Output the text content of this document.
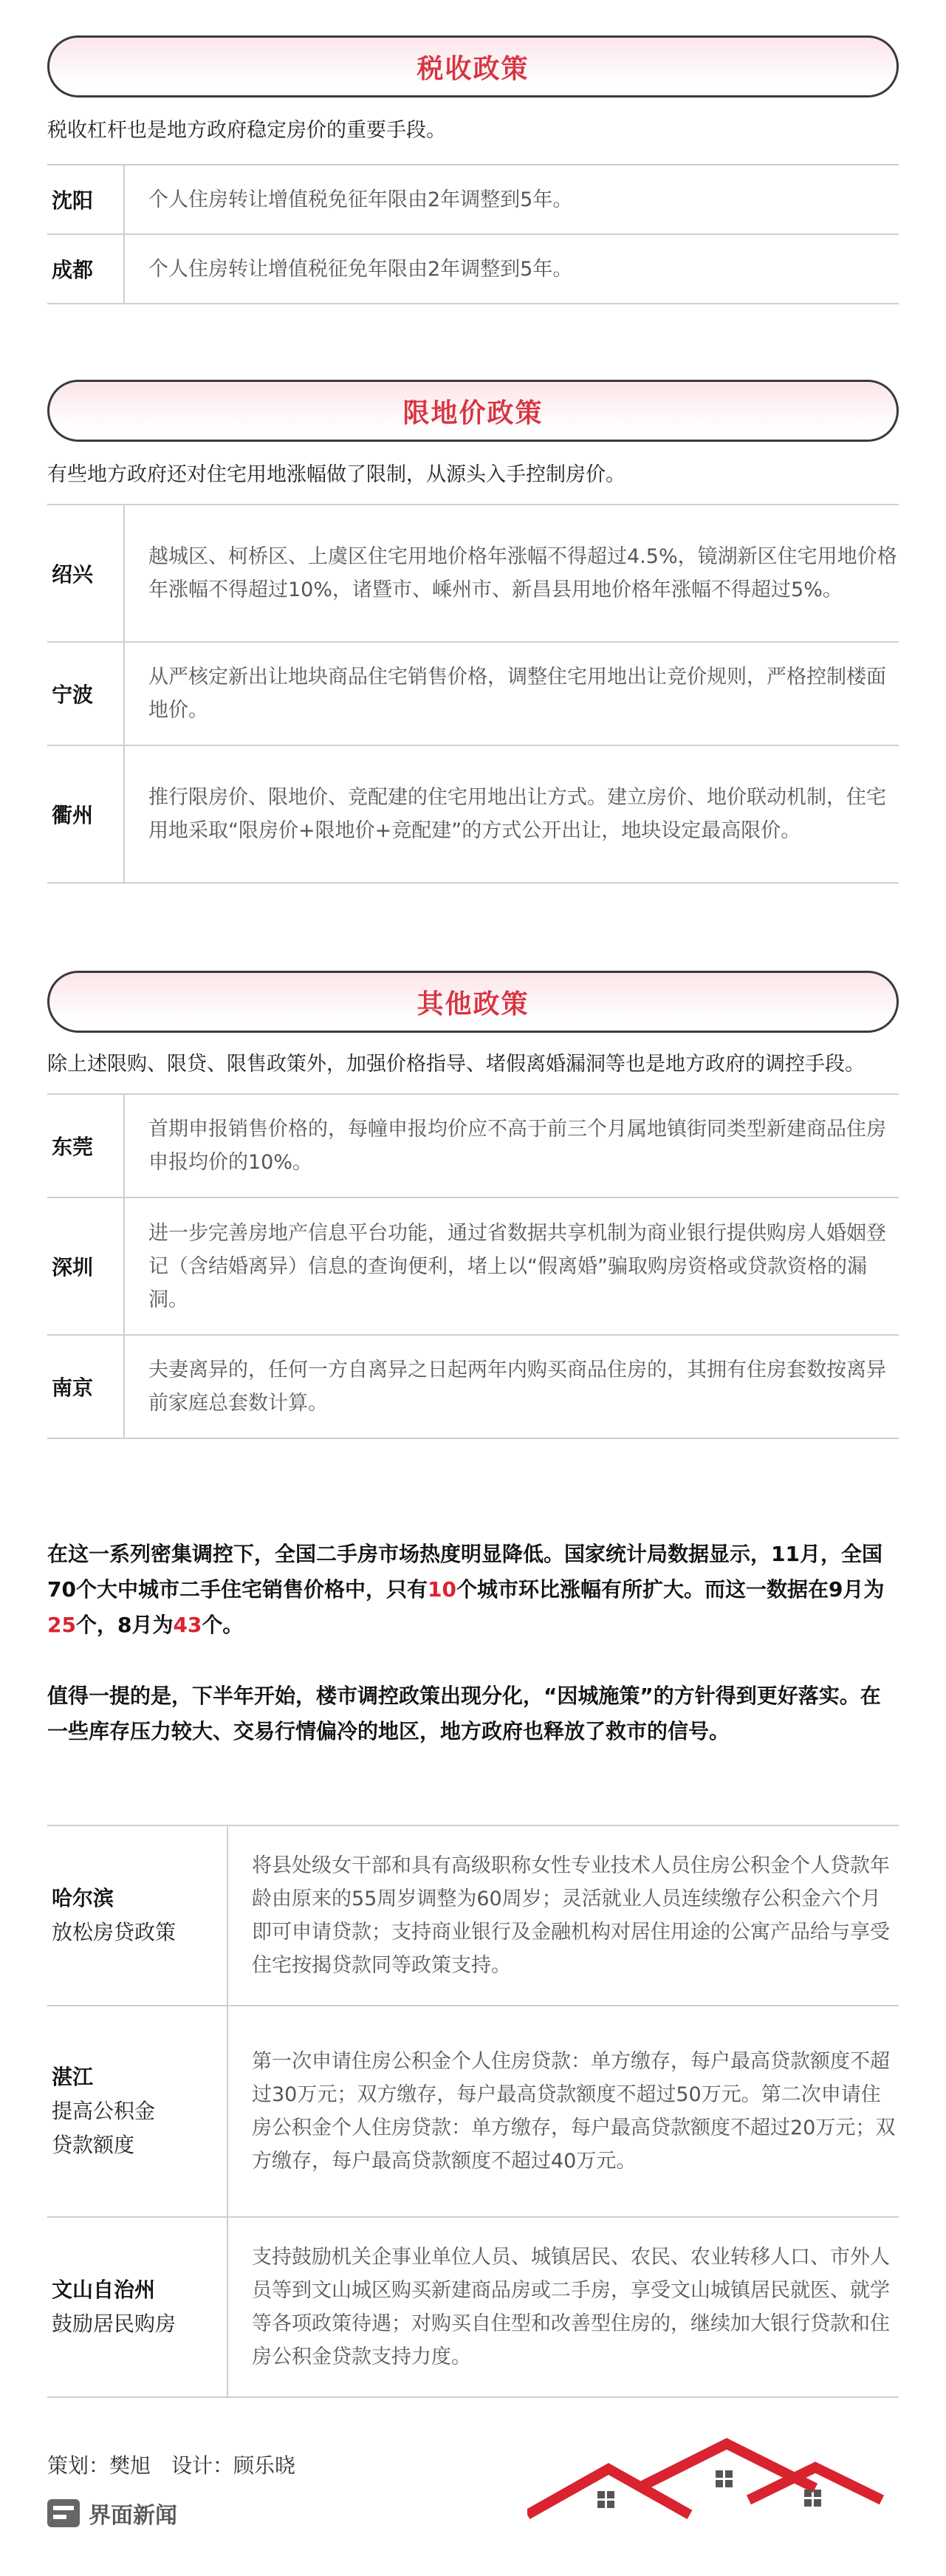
税收政策
税收杠杆也是地方政府稳定房价的重要手段。
沈阳	个人住房转让增值税免征年限由2年调整到5年。
成都	个人住房转让增值税征免年限由2年调整到5年。
限地价政策
有些地方政府还对住宅用地涨幅做了限制，从源头入手控制房价。
绍兴	越城区、柯桥区、上虞区住宅用地价格年涨幅不得超过4.5%，镜湖新区住宅用地价格年涨幅不得超过10%，诸暨市、嵊州市、新昌县用地价格年涨幅不得超过5%。
宁波	从严核定新出让地块商品住宅销售价格，调整住宅用地出让竞价规则，严格控制楼面地价。
衢州	推行限房价、限地价、竞配建的住宅用地出让方式。建立房价、地价联动机制，住宅用地采取“限房价+限地价+竞配建”的方式公开出让，地块设定最高限价。
其他政策
除上述限购、限贷、限售政策外，加强价格指导、堵假离婚漏洞等也是地方政府的调控手段。
东莞	首期申报销售价格的，每幢申报均价应不高于前三个月属地镇街同类型新建商品住房申报均价的10%。
深圳	进一步完善房地产信息平台功能，通过省数据共享机制为商业银行提供购房人婚姻登记（含结婚离异）信息的查询便利，堵上以“假离婚”骗取购房资格或贷款资格的漏洞。
南京	夫妻离异的，任何一方自离异之日起两年内购买商品住房的，其拥有住房套数按离异前家庭总套数计算。
在这一系列密集调控下，全国二手房市场热度明显降低。国家统计局数据显示，11月，全国70个大中城市二手住宅销售价格中，只有10个城市环比涨幅有所扩大。而这一数据在9月为25个，8月为43个。
值得一提的是，下半年开始，楼市调控政策出现分化，“因城施策”的方针得到更好落实。在一些库存压力较大、交易行情偏冷的地区，地方政府也释放了救市的信号。
哈尔滨
放松房贷政策	将县处级女干部和具有高级职称女性专业技术人员住房公积金个人贷款年龄由原来的55周岁调整为60周岁；灵活就业人员连续缴存公积金六个月即可申请贷款；支持商业银行及金融机构对居住用途的公寓产品给与享受住宅按揭贷款同等政策支持。

湛江
提高公积金
贷款额度	第一次申请住房公积金个人住房贷款：单方缴存，每户最高贷款额度不超过30万元；双方缴存，每户最高贷款额度不超过50万元。第二次申请住房公积金个人住房贷款：单方缴存，每户最高贷款额度不超过20万元；双方缴存，每户最高贷款额度不超过40万元。

文山自治州
鼓励居民购房	支持鼓励机关企事业单位人员、城镇居民、农民、农业转移人口、市外人员等到文山城区购买新建商品房或二手房，享受文山城镇居民就医、就学等各项政策待遇；对购买自住型和改善型住房的，继续加大银行贷款和住房公积金贷款支持力度。
策划：樊旭　设计：顾乐晓
界面新闻
